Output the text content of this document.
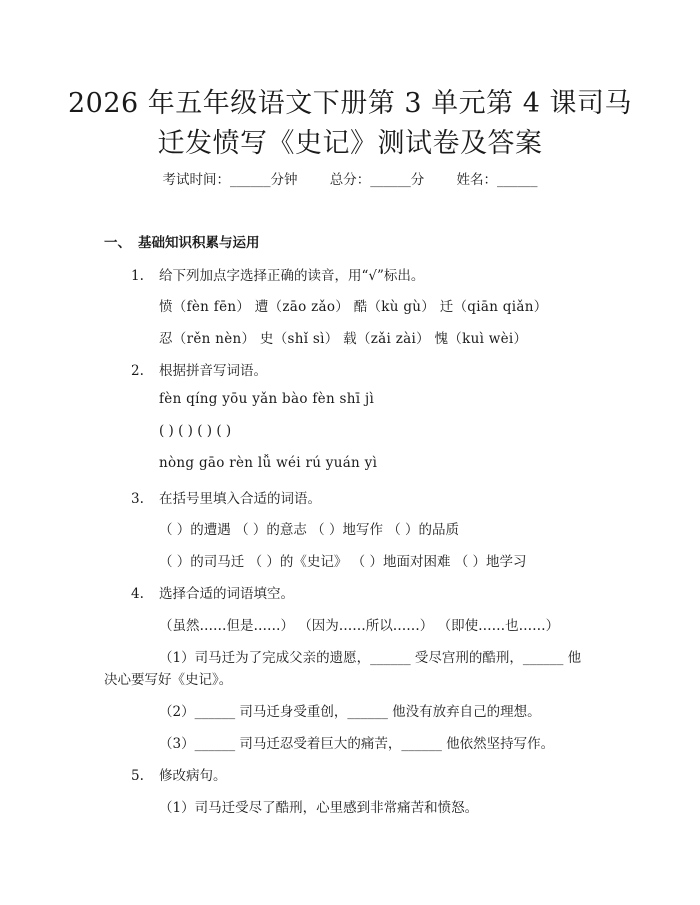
2026 年五年级语文下册第 3 单元第 4 课司马
迁发愤写《史记》测试卷及答案
考试时间：______分钟 总分：______分 姓名：______
一、 基础知识积累与运用
1. 给下列加点字选择正确的读音，用“√”标出。
愤（fèn fēn） 遭（zāo zǎo） 酷（kù gù） 迁（qiān qiǎn）
忍（rěn nèn） 史（shǐ sì） 载（zǎi zài） 愧（kuì wèi）
2. 根据拼音写词语。
fèn qíng yōu yǎn bào fèn shī jì
( ) ( ) ( ) ( )
nòng gāo rèn lǚ wéi rú yuán yì
3. 在括号里填入合适的词语。
（ ）的遭遇 （ ）的意志 （ ）地写作 （ ）的品质
（ ）的司马迁 （ ）的《史记》 （ ）地面对困难 （ ）地学习
4. 选择合适的词语填空。
（虽然……但是……） （因为……所以……） （即使……也……）
（1）司马迁为了完成父亲的遗愿，______ 受尽宫刑的酷刑，______ 他
决心要写好《史记》。
（2）______ 司马迁身受重创，______ 他没有放弃自己的理想。
（3）______ 司马迁忍受着巨大的痛苦，______ 他依然坚持写作。
5. 修改病句。
（1）司马迁受尽了酷刑，心里感到非常痛苦和愤怒。
